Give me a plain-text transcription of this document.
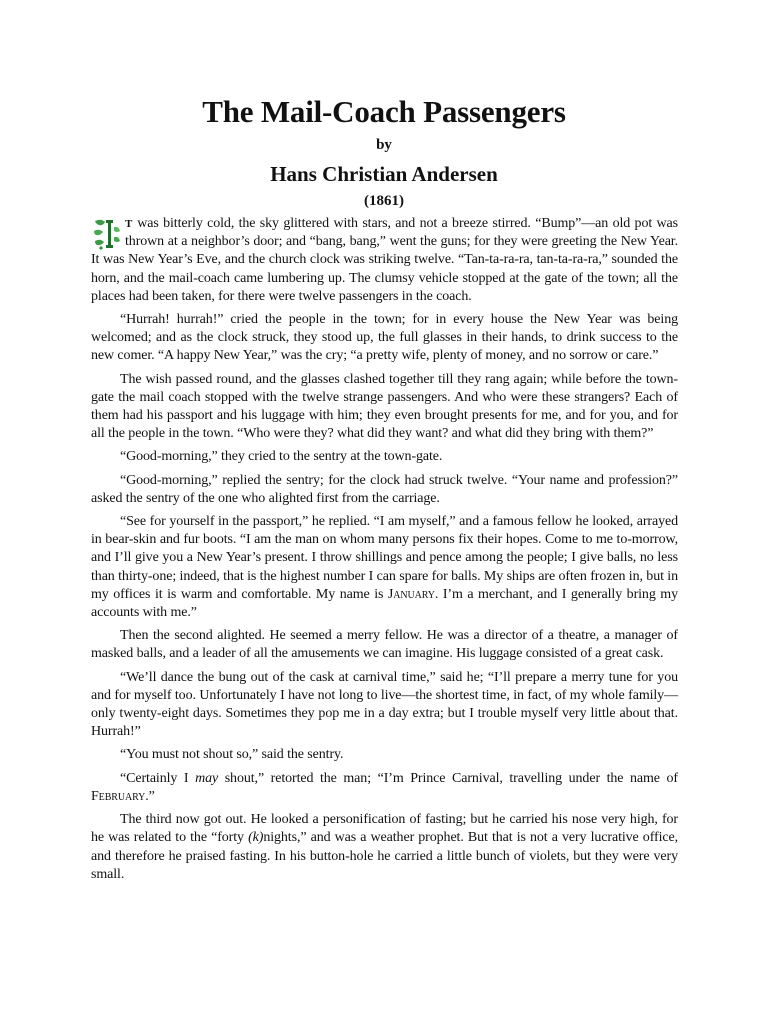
The Mail-Coach Passengers
by
Hans Christian Andersen
(1861)

T was bitterly cold, the sky glittered with stars, and not a breeze stirred. “Bump”—an old pot was thrown at a neighbor’s door; and “bang, bang,” went the guns; for they were greeting the New Year. It was New Year’s Eve, and the church clock was striking twelve. “Tan-ta-ra-ra, tan-ta-ra-ra,” sounded the horn, and the mail-coach came lumbering up. The clumsy vehicle stopped at the gate of the town; all the places had been taken, for there were twelve passengers in the coach.

“Hurrah! hurrah!” cried the people in the town; for in every house the New Year was being welcomed; and as the clock struck, they stood up, the full glasses in their hands, to drink success to the new comer. “A happy New Year,” was the cry; “a pretty wife, plenty of money, and no sorrow or care.”

The wish passed round, and the glasses clashed together till they rang again; while before the town-gate the mail coach stopped with the twelve strange passengers. And who were these strangers? Each of them had his passport and his luggage with him; they even brought presents for me, and for you, and for all the people in the town. “Who were they? what did they want? and what did they bring with them?”

“Good-morning,” they cried to the sentry at the town-gate.

“Good-morning,” replied the sentry; for the clock had struck twelve. “Your name and profession?” asked the sentry of the one who alighted first from the carriage.

“See for yourself in the passport,” he replied. “I am myself,” and a famous fellow he looked, arrayed in bear-skin and fur boots. “I am the man on whom many persons fix their hopes. Come to me to-morrow, and I’ll give you a New Year’s present. I throw shillings and pence among the people; I give balls, no less than thirty-one; indeed, that is the highest number I can spare for balls. My ships are often frozen in, but in my offices it is warm and comfortable. My name is January. I’m a merchant, and I generally bring my accounts with me.”

Then the second alighted. He seemed a merry fellow. He was a director of a theatre, a manager of masked balls, and a leader of all the amusements we can imagine. His luggage consisted of a great cask.

“We’ll dance the bung out of the cask at carnival time,” said he; “I’ll prepare a merry tune for you and for myself too. Unfortunately I have not long to live—the shortest time, in fact, of my whole family—only twenty-eight days. Sometimes they pop me in a day extra; but I trouble myself very little about that. Hurrah!”

“You must not shout so,” said the sentry.

“Certainly I may shout,” retorted the man; “I’m Prince Carnival, travelling under the name of February.”

The third now got out. He looked a personification of fasting; but he carried his nose very high, for he was related to the “forty (k)nights,” and was a weather prophet. But that is not a very lucrative office, and therefore he praised fasting. In his button-hole he carried a little bunch of violets, but they were very small.
